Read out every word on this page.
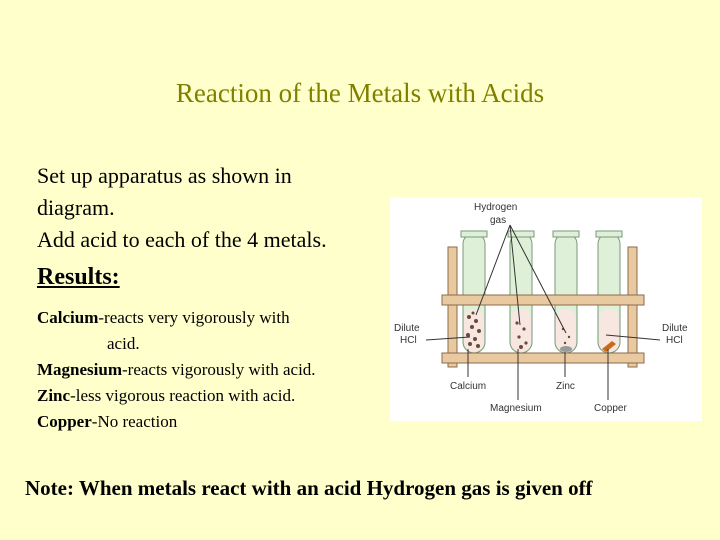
Reaction of the Metals with Acids
Set up apparatus as shown in
diagram.
Add acid to each of the 4 metals.
Results:
Calcium-reacts very vigorously with
acid.
Magnesium-reacts vigorously with acid.
Zinc-less vigorous reaction with acid.
Copper-No reaction
Hydrogen
gas
Dilute
HCl
Dilute
HCl
Calcium
Magnesium
Zinc
Copper
Note: When metals react with an acid Hydrogen gas is given off
